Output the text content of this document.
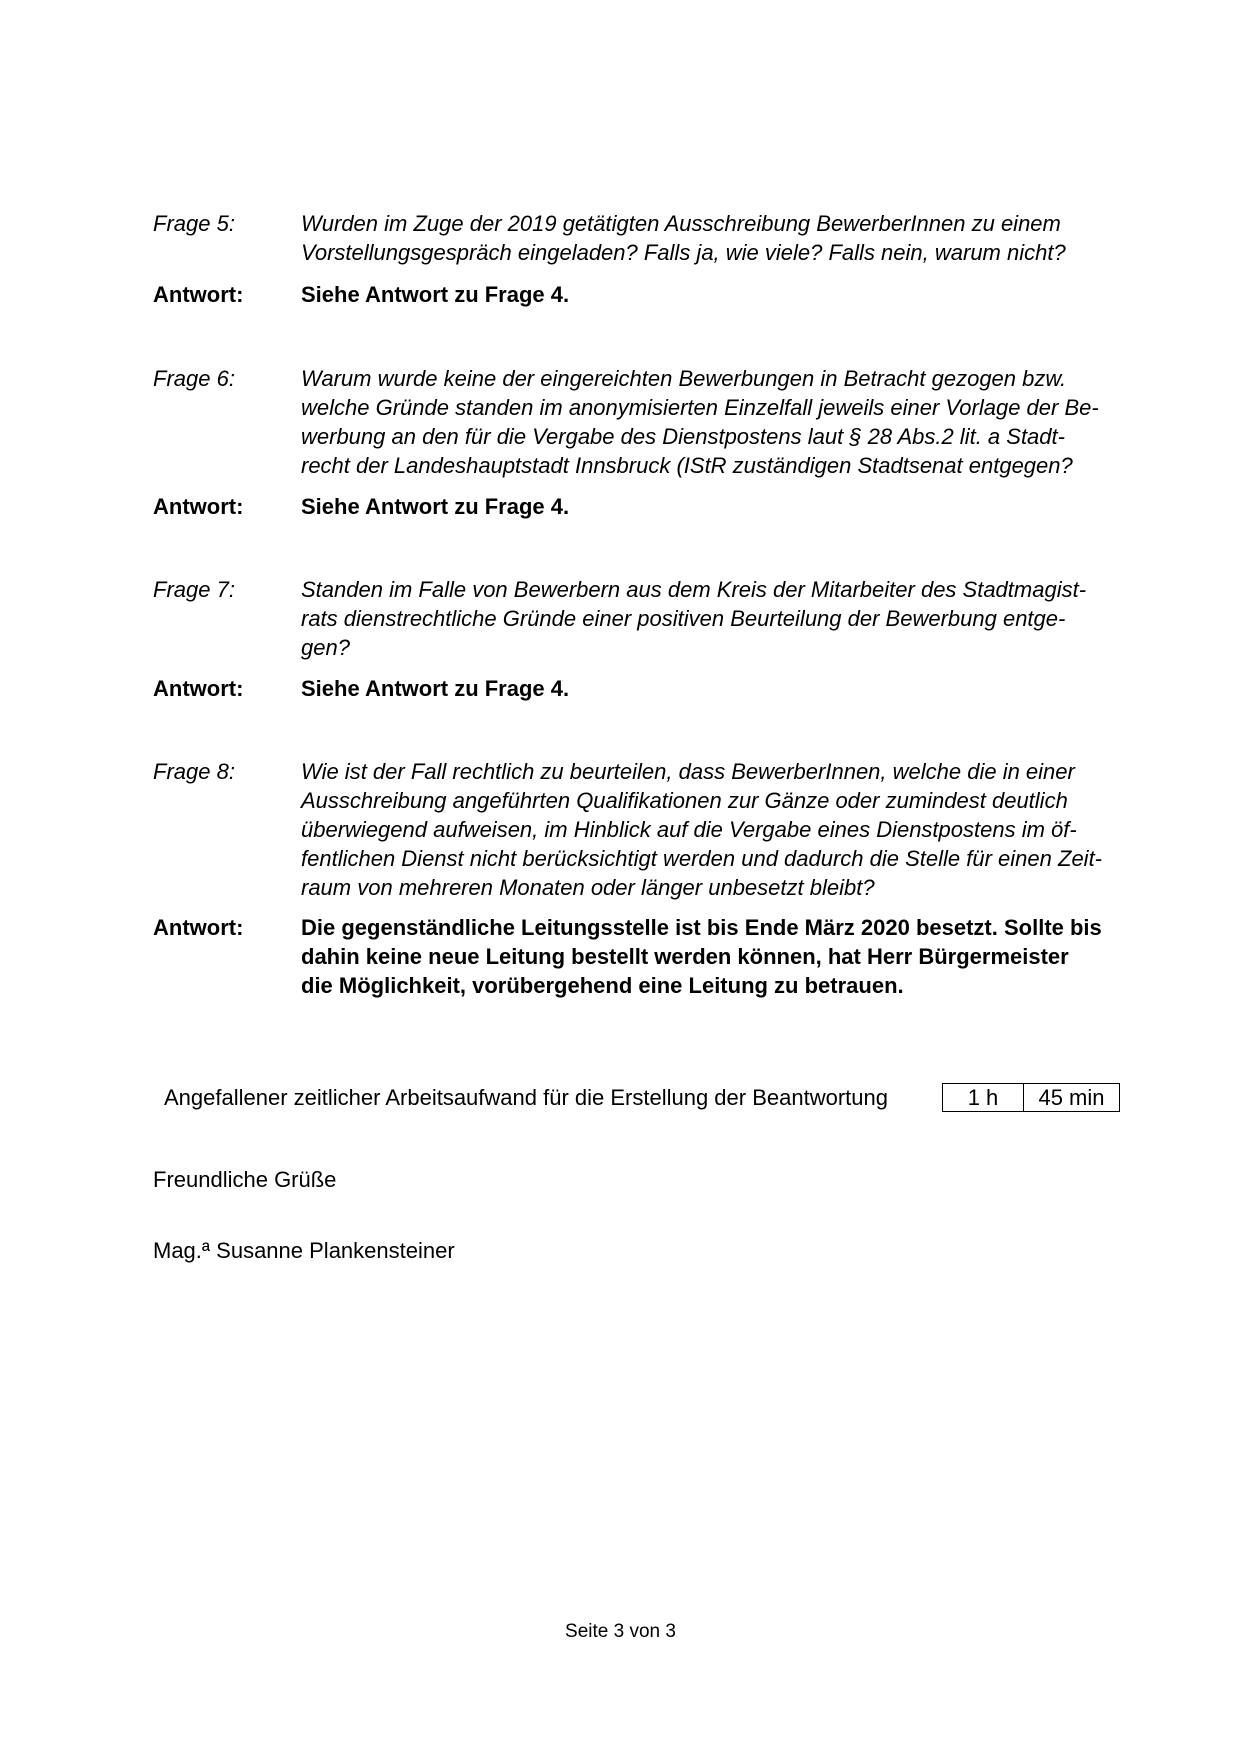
Frage 5:	Wurden im Zuge der 2019 getätigten Ausschreibung BewerberInnen zu einem
Vorstellungsgespräch eingeladen? Falls ja, wie viele? Falls nein, warum nicht?
Antwort:	Siehe Antwort zu Frage 4.
Frage 6:	Warum wurde keine der eingereichten Bewerbungen in Betracht gezogen bzw.
welche Gründe standen im anonymisierten Einzelfall jeweils einer Vorlage der Be-
werbung an den für die Vergabe des Dienstpostens laut § 28 Abs.2 lit. a Stadt-
recht der Landeshauptstadt Innsbruck (IStR zuständigen Stadtsenat entgegen?
Antwort:	Siehe Antwort zu Frage 4.
Frage 7:	Standen im Falle von Bewerbern aus dem Kreis der Mitarbeiter des Stadtmagist-
rats dienstrechtliche Gründe einer positiven Beurteilung der Bewerbung entge-
gen?
Antwort:	Siehe Antwort zu Frage 4.
Frage 8:	Wie ist der Fall rechtlich zu beurteilen, dass BewerberInnen, welche die in einer
Ausschreibung angeführten Qualifikationen zur Gänze oder zumindest deutlich
überwiegend aufweisen, im Hinblick auf die Vergabe eines Dienstpostens im öf-
fentlichen Dienst nicht berücksichtigt werden und dadurch die Stelle für einen Zeit-
raum von mehreren Monaten oder länger unbesetzt bleibt?
Antwort:	Die gegenständliche Leitungsstelle ist bis Ende März 2020 besetzt. Sollte bis
dahin keine neue Leitung bestellt werden können, hat Herr Bürgermeister
die Möglichkeit, vorübergehend eine Leitung zu betrauen.
Angefallener zeitlicher Arbeitsaufwand für die Erstellung der Beantwortung	1 h	45 min
Freundliche Grüße
Mag.ª Susanne Plankensteiner
Seite 3 von 3
